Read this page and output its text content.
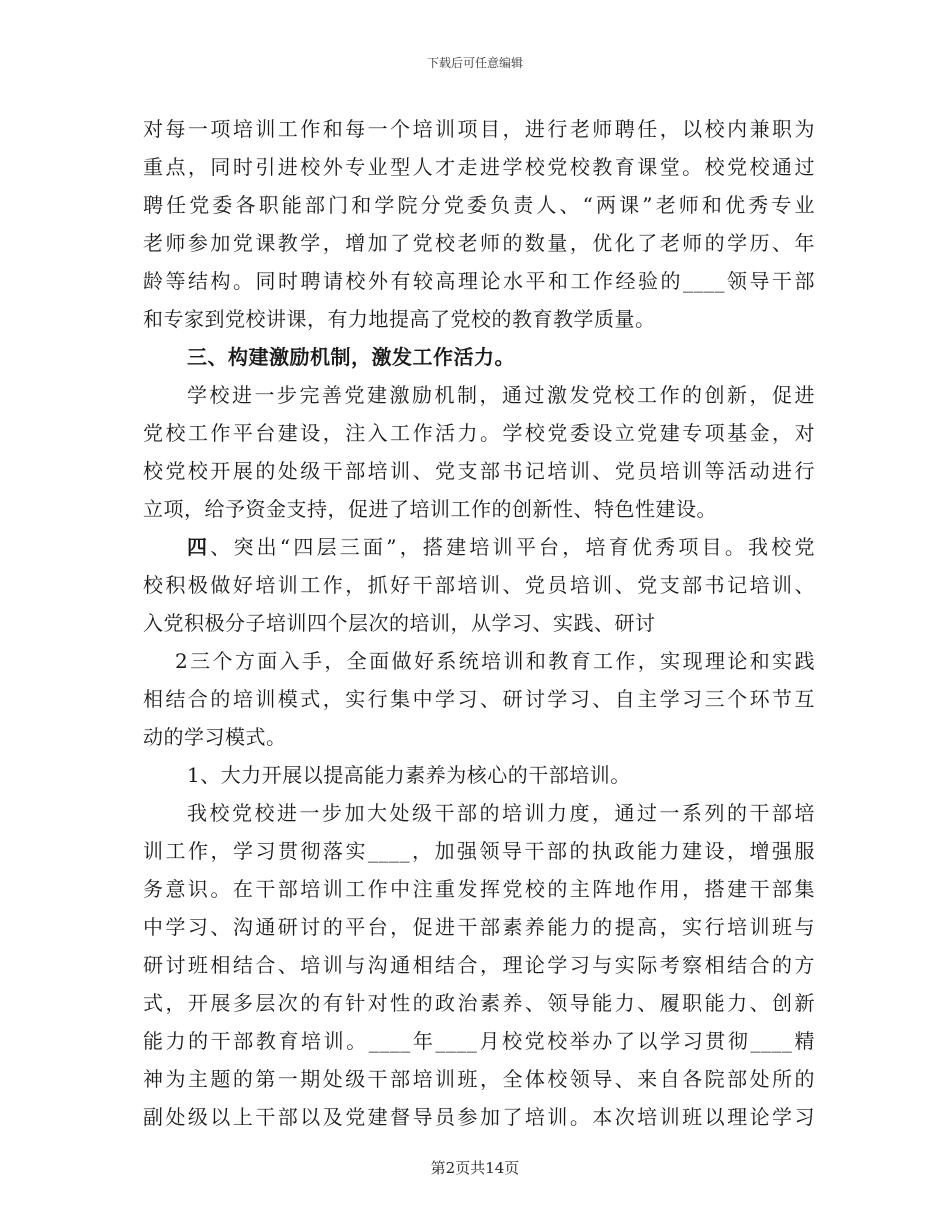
下载后可任意编辑
对每一项培训工作和每一个培训项目，进行老师聘任，以校内兼职为
重点，同时引进校外专业型人才走进学校党校教育课堂。校党校通过
聘任党委各职能部门和学院分党委负责人、“两课”老师和优秀专业
老师参加党课教学，增加了党校老师的数量，优化了老师的学历、年
龄等结构。同时聘请校外有较高理论水平和工作经验的____领导干部
和专家到党校讲课，有力地提高了党校的教育教学质量。
三、构建激励机制，激发工作活力。
学校进一步完善党建激励机制，通过激发党校工作的创新，促进
党校工作平台建设，注入工作活力。学校党委设立党建专项基金，对
校党校开展的处级干部培训、党支部书记培训、党员培训等活动进行
立项，给予资金支持，促进了培训工作的创新性、特色性建设。
四、突出“四层三面”，搭建培训平台，培育优秀项目。我校党
校积极做好培训工作，抓好干部培训、党员培训、党支部书记培训、
入党积极分子培训四个层次的培训，从学习、实践、研讨
2三个方面入手，全面做好系统培训和教育工作，实现理论和实践
相结合的培训模式，实行集中学习、研讨学习、自主学习三个环节互
动的学习模式。
1、大力开展以提高能力素养为核心的干部培训。
我校党校进一步加大处级干部的培训力度，通过一系列的干部培
训工作，学习贯彻落实____，加强领导干部的执政能力建设，增强服
务意识。在干部培训工作中注重发挥党校的主阵地作用，搭建干部集
中学习、沟通研讨的平台，促进干部素养能力的提高，实行培训班与
研讨班相结合、培训与沟通相结合，理论学习与实际考察相结合的方
式，开展多层次的有针对性的政治素养、领导能力、履职能力、创新
能力的干部教育培训。____年____月校党校举办了以学习贯彻____精
神为主题的第一期处级干部培训班，全体校领导、来自各院部处所的
副处级以上干部以及党建督导员参加了培训。本次培训班以理论学习
第2页共14页
